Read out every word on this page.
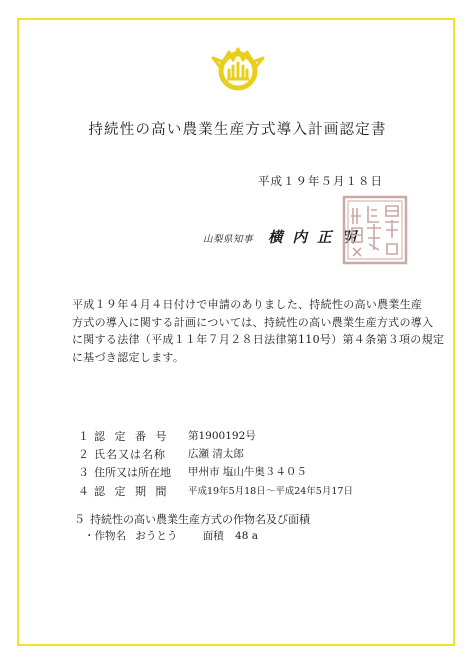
持続性の高い農業生産方式導入計画認定書
平成１９年５月１８日
山梨県知事 横内正明

平成１９年４月４日付けで申請のありました、持続性の高い農業生産

方式の導入に関する計画については、持続性の高い農業生産方式の導入

に関する法律（平成１１年７月２８日法律第110号）第４条第３項の規定

に基づき認定します。

１ 認 定 番 号 第1900192号
２ 氏名又は名称 広瀬 清太郎
３ 住所又は所在地 甲州市 塩山牛奥３４０５
４ 認 定 期 間 平成19年5月18日〜平成24年5月17日
５ 持続性の高い農業生産方式の作物名及び面積
・作物名 おうとう 面積 48 a
